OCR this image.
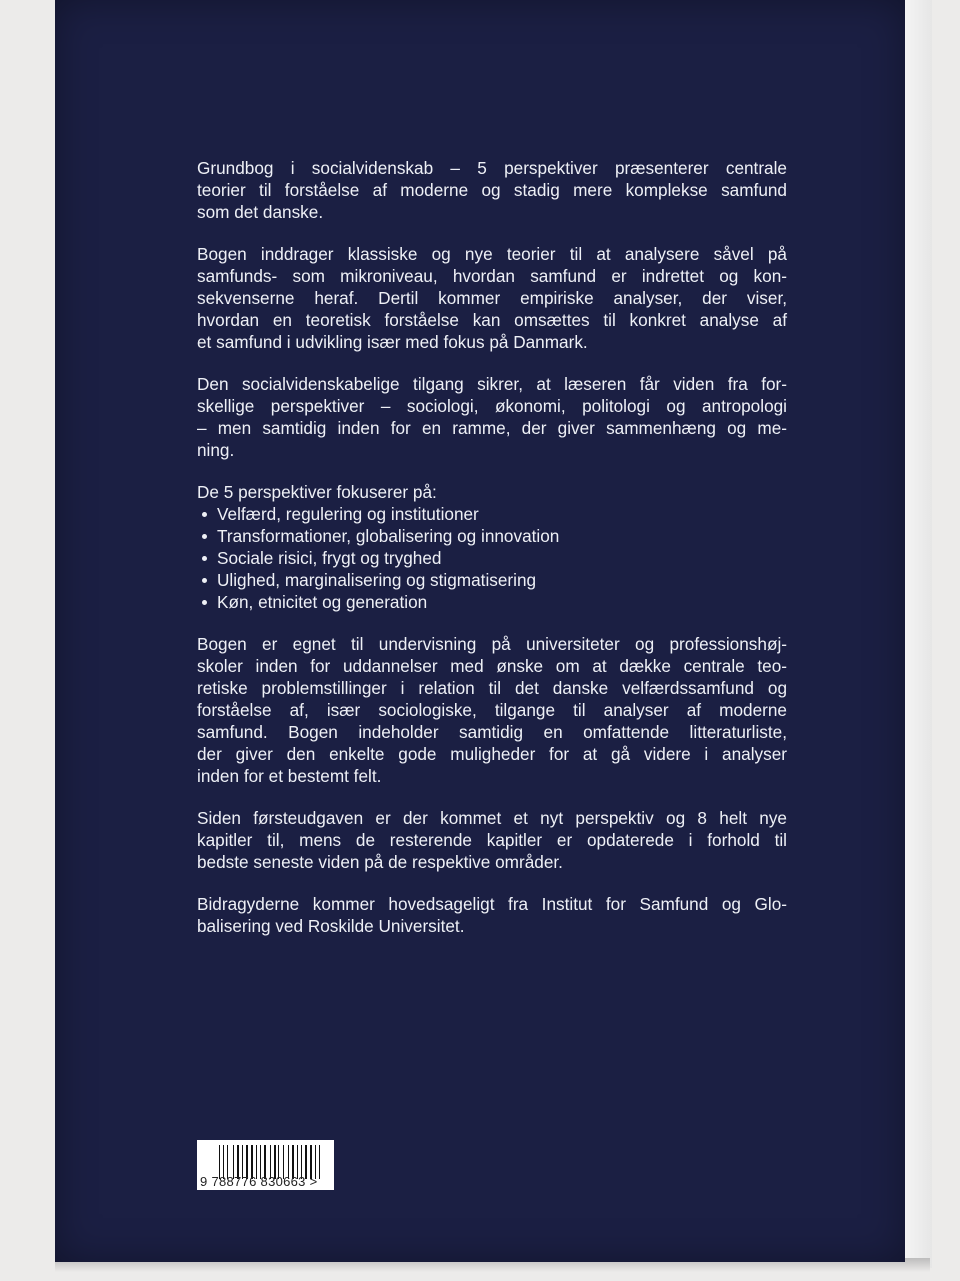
Grundbog i socialvidenskab – 5 perspektiver præsenterer centrale
teorier til forståelse af moderne og stadig mere komplekse samfund
som det danske.
Bogen inddrager klassiske og nye teorier til at analysere såvel på
samfunds- som mikroniveau, hvordan samfund er indrettet og kon-
sekvenserne heraf. Dertil kommer empiriske analyser, der viser,
hvordan en teoretisk forståelse kan omsættes til konkret analyse af
et samfund i udvikling især med fokus på Danmark.
Den socialvidenskabelige tilgang sikrer, at læseren får viden fra for-
skellige perspektiver – sociologi, økonomi, politologi og antropologi
– men samtidig inden for en ramme, der giver sammenhæng og me-
ning.
De 5 perspektiver fokuserer på:
Velfærd, regulering og institutioner
Transformationer, globalisering og innovation
Sociale risici, frygt og tryghed
Ulighed, marginalisering og stigmatisering
Køn, etnicitet og generation
Bogen er egnet til undervisning på universiteter og professionshøj-
skoler inden for uddannelser med ønske om at dække centrale teo-
retiske problemstillinger i relation til det danske velfærdssamfund og
forståelse af, især sociologiske, tilgange til analyser af moderne
samfund. Bogen indeholder samtidig en omfattende litteraturliste,
der giver den enkelte gode muligheder for at gå videre i analyser
inden for et bestemt felt.
Siden førsteudgaven er der kommet et nyt perspektiv og 8 helt nye
kapitler til, mens de resterende kapitler er opdaterede i forhold til
bedste seneste viden på de respektive områder.
Bidragyderne kommer hovedsageligt fra Institut for Samfund og Glo-
balisering ved Roskilde Universitet.
9 788776 830663 >
